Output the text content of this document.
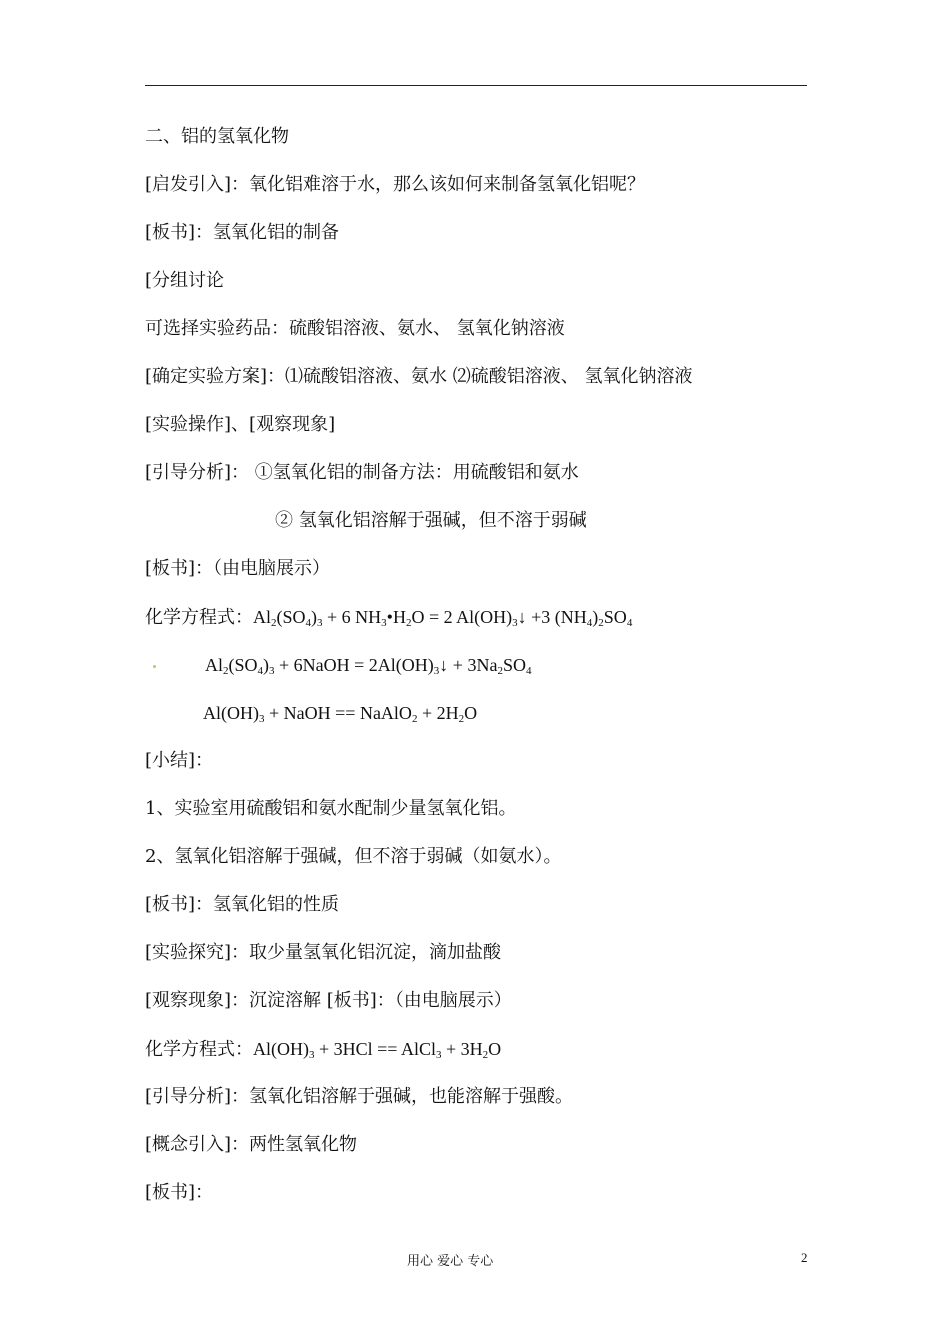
二、铝的氢氧化物
[启发引入]：氧化铝难溶于水，那么该如何来制备氢氧化铝呢？
[板书]：氢氧化铝的制备
[分组讨论
可选择实验药品：硫酸铝溶液、氨水、 氢氧化钠溶液
[确定实验方案]：⑴硫酸铝溶液、氨水 ⑵硫酸铝溶液、 氢氧化钠溶液
[实验操作]、[观察现象]
[引导分析]： ①氢氧化铝的制备方法：用硫酸铝和氨水
② 氢氧化铝溶解于强碱，但不溶于弱碱
[板书]：（由电脑展示）
化学方程式：$Al_2(SO_4)_3 + 6$ $NH_3•H_2O = 2$ $Al(OH)_3↓ +3$ $(NH_4)_2SO_4$
$Al_2(SO_4)_3$ + 6NaOH = $2Al(OH)_3↓ + 3Na_2SO_4$
$Al(OH)_3$ + NaOH == NaAlO$_2$ + $2H_2O$
[小结]：
1、实验室用硫酸铝和氨水配制少量氢氧化铝。
2、氢氧化铝溶解于强碱，但不溶于弱碱（如氨水）。
[板书]：氢氧化铝的性质
[实验探究]：取少量氢氧化铝沉淀，滴加盐酸
[观察现象]：沉淀溶解 [板书]：（由电脑展示）
化学方程式：$Al(OH)_3 + 3HCl$ == AlCl$_3$ + $3H_2O$
[引导分析]：氢氧化铝溶解于强碱，也能溶解于强酸。
[概念引入]：两性氢氧化物
[板书]：
用心 爱心 专心	2
